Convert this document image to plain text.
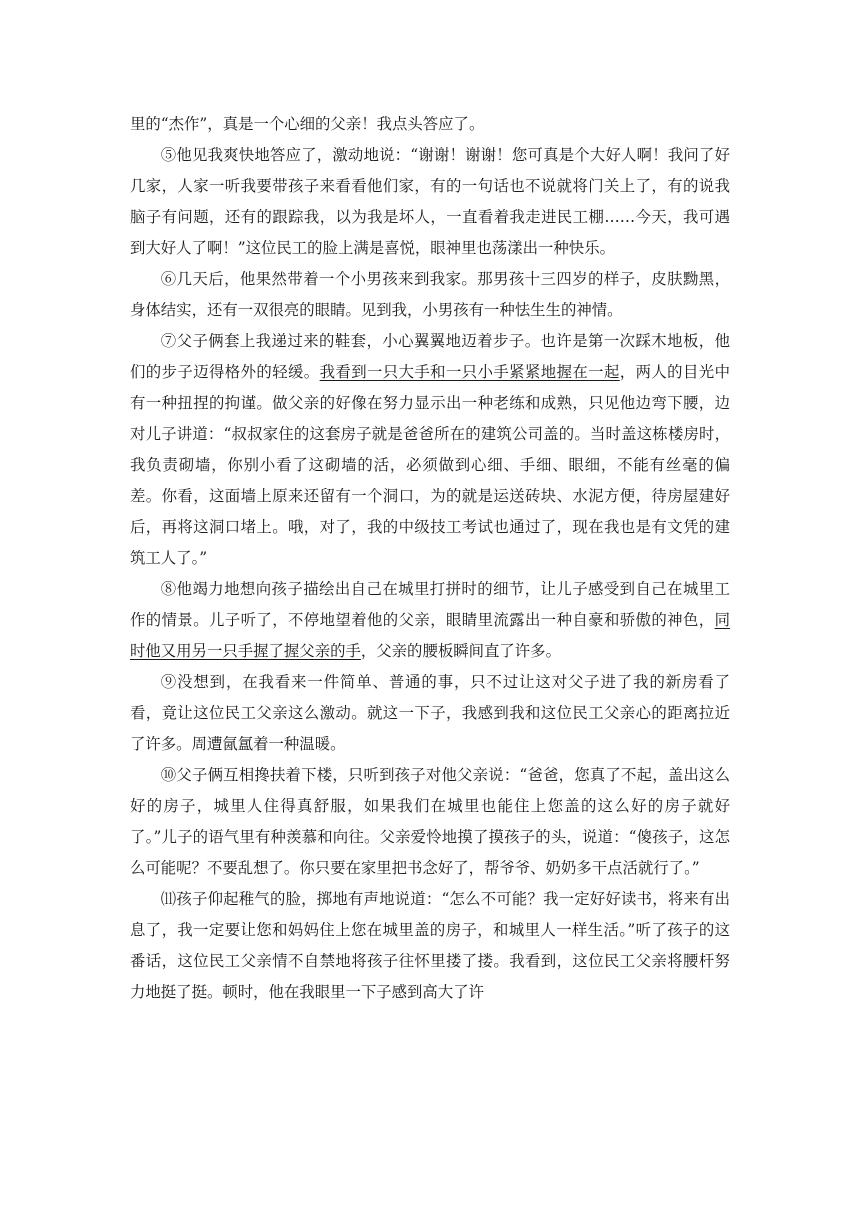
里的“杰作”，真是一个心细的父亲！我点头答应了。

⑤他见我爽快地答应了，激动地说：“谢谢！谢谢！您可真是个大好人啊！我问了好几家，人家一听我要带孩子来看看他们家，有的一句话也不说就将门关上了，有的说我脑子有问题，还有的跟踪我，以为我是坏人，一直看着我走进民工棚……今天，我可遇到大好人了啊！”这位民工的脸上满是喜悦，眼神里也荡漾出一种快乐。

⑥几天后，他果然带着一个小男孩来到我家。那男孩十三四岁的样子，皮肤黝黑，身体结实，还有一双很亮的眼睛。见到我，小男孩有一种怯生生的神情。

⑦父子俩套上我递过来的鞋套，小心翼翼地迈着步子。也许是第一次踩木地板，他们的步子迈得格外的轻缓。我看到一只大手和一只小手紧紧地握在一起，两人的目光中有一种扭捏的拘谨。做父亲的好像在努力显示出一种老练和成熟，只见他边弯下腰，边对儿子讲道：“叔叔家住的这套房子就是爸爸所在的建筑公司盖的。当时盖这栋楼房时，我负责砌墙，你别小看了这砌墙的活，必须做到心细、手细、眼细，不能有丝毫的偏差。你看，这面墙上原来还留有一个洞口，为的就是运送砖块、水泥方便，待房屋建好后，再将这洞口堵上。哦，对了，我的中级技工考试也通过了，现在我也是有文凭的建筑工人了。”

⑧他竭力地想向孩子描绘出自己在城里打拼时的细节，让儿子感受到自己在城里工作的情景。儿子听了，不停地望着他的父亲，眼睛里流露出一种自豪和骄傲的神色，同时他又用另一只手握了握父亲的手，父亲的腰板瞬间直了许多。

⑨没想到，在我看来一件简单、普通的事，只不过让这对父子进了我的新房看了看，竟让这位民工父亲这么激动。就这一下子，我感到我和这位民工父亲心的距离拉近了许多。周遭氤氲着一种温暖。

⑩父子俩互相搀扶着下楼，只听到孩子对他父亲说：“爸爸，您真了不起，盖出这么好的房子，城里人住得真舒服，如果我们在城里也能住上您盖的这么好的房子就好了。”儿子的语气里有种羡慕和向往。父亲爱怜地摸了摸孩子的头，说道：“傻孩子，这怎么可能呢？不要乱想了。你只要在家里把书念好了，帮爷爷、奶奶多干点活就行了。”

⑾孩子仰起稚气的脸，掷地有声地说道：“怎么不可能？我一定好好读书，将来有出息了，我一定要让您和妈妈住上您在城里盖的房子，和城里人一样生活。”听了孩子的这番话，这位民工父亲情不自禁地将孩子往怀里搂了搂。我看到，这位民工父亲将腰杆努力地挺了挺。顿时，他在我眼里一下子感到高大了许
